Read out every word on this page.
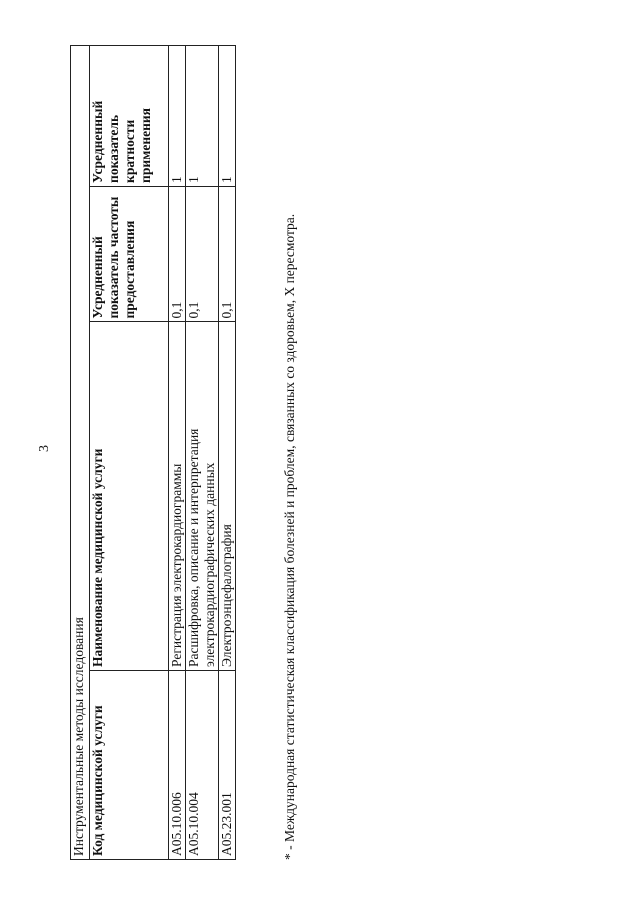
3
Инструментальные методы исследования			
Код медицинской услуги	Наименование медицинской услуги	Усредненный показатель частоты предоставления	Усредненный показатель кратности применения
A05.10.006	Регистрация электрокардиограммы	0,1	1
A05.10.004	Расшифровка, описание и интерпретация электрокардиографических данных	0,1	1
A05.23.001	Электроэнцефалография	0,1	1
* - Международная статистическая классификация болезней и проблем, связанных со здоровьем, X пересмотра.
